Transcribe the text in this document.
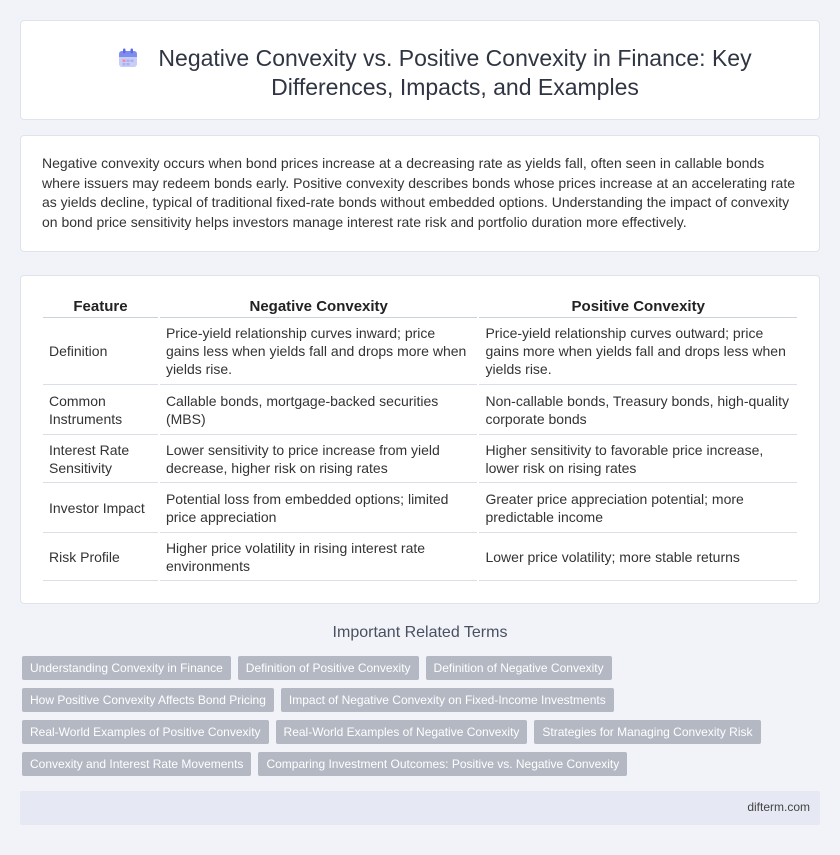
Negative Convexity vs. Positive Convexity in Finance: Key Differences, Impacts, and Examples

Negative convexity occurs when bond prices increase at a decreasing rate as yields fall, often seen in callable bonds where issuers may redeem bonds early. Positive convexity describes bonds whose prices increase at an accelerating rate as yields decline, typical of traditional fixed-rate bonds without embedded options. Understanding the impact of convexity on bond price sensitivity helps investors manage interest rate risk and portfolio duration more effectively.

Feature	Negative Convexity	Positive Convexity
Definition	Price-yield relationship curves inward; price gains less when yields fall and drops more when yields rise.	Price-yield relationship curves outward; price gains more when yields fall and drops less when yields rise.
Common Instruments	Callable bonds, mortgage-backed securities (MBS)	Non-callable bonds, Treasury bonds, high-quality corporate bonds
Interest Rate Sensitivity	Lower sensitivity to price increase from yield decrease, higher risk on rising rates	Higher sensitivity to favorable price increase, lower risk on rising rates
Investor Impact	Potential loss from embedded options; limited price appreciation	Greater price appreciation potential; more predictable income
Risk Profile	Higher price volatility in rising interest rate environments	Lower price volatility; more stable returns
Important Related Terms
Understanding Convexity in Finance	Definition of Positive Convexity	Definition of Negative Convexity
How Positive Convexity Affects Bond Pricing	Impact of Negative Convexity on Fixed-Income Investments
Real-World Examples of Positive Convexity	Real-World Examples of Negative Convexity	Strategies for Managing Convexity Risk
Convexity and Interest Rate Movements	Comparing Investment Outcomes: Positive vs. Negative Convexity
difterm.com
